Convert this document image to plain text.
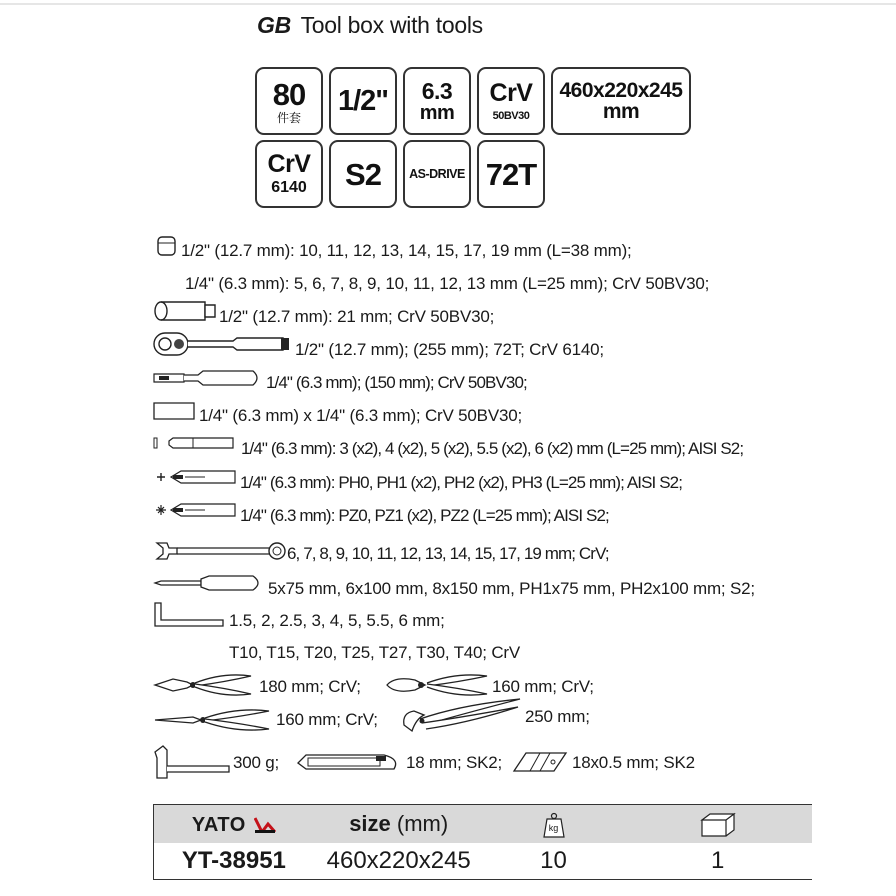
GB Tool box with tools
80
件套
1/2" 6.3
mm
CrV
50BV30
460x220x245
mm
CrV
6140 S2 AS-DRIVE 72T
1/2" (12.7 mm): 10, 11, 12, 13, 14, 15, 17, 19 mm (L=38 mm);
1/4" (6.3 mm): 5, 6, 7, 8, 9, 10, 11, 12, 13 mm (L=25 mm); CrV 50BV30;
1/2" (12.7 mm): 21 mm; CrV 50BV30;
1/2" (12.7 mm); (255 mm); 72T; CrV 6140;
1/4" (6.3 mm); (150 mm); CrV 50BV30;
1/4" (6.3 mm) x 1/4" (6.3 mm); CrV 50BV30;
1/4" (6.3 mm): 3 (x2), 4 (x2), 5 (x2), 5.5 (x2), 6 (x2) mm (L=25 mm); AISI S2;
1/4" (6.3 mm): PH0, PH1 (x2), PH2 (x2), PH3 (L=25 mm); AISI S2;
1/4" (6.3 mm): PZ0, PZ1 (x2), PZ2 (L=25 mm); AISI S2;
6, 7, 8, 9, 10, 11, 12, 13, 14, 15, 17, 19 mm; CrV;
5x75 mm, 6x100 mm, 8x150 mm, PH1x75 mm, PH2x100 mm; S2;
1.5, 2, 2.5, 3, 4, 5, 5.5, 6 mm;
T10, T15, T20, T25, T27, T30, T40; CrV
180 mm; CrV;	160 mm; CrV;
160 mm; CrV;	250 mm;
300 g;	18 mm; SK2;	18x0.5 mm; SK2
YATO	size (mm)	kg

YT-38951	460x220x245	10	1
